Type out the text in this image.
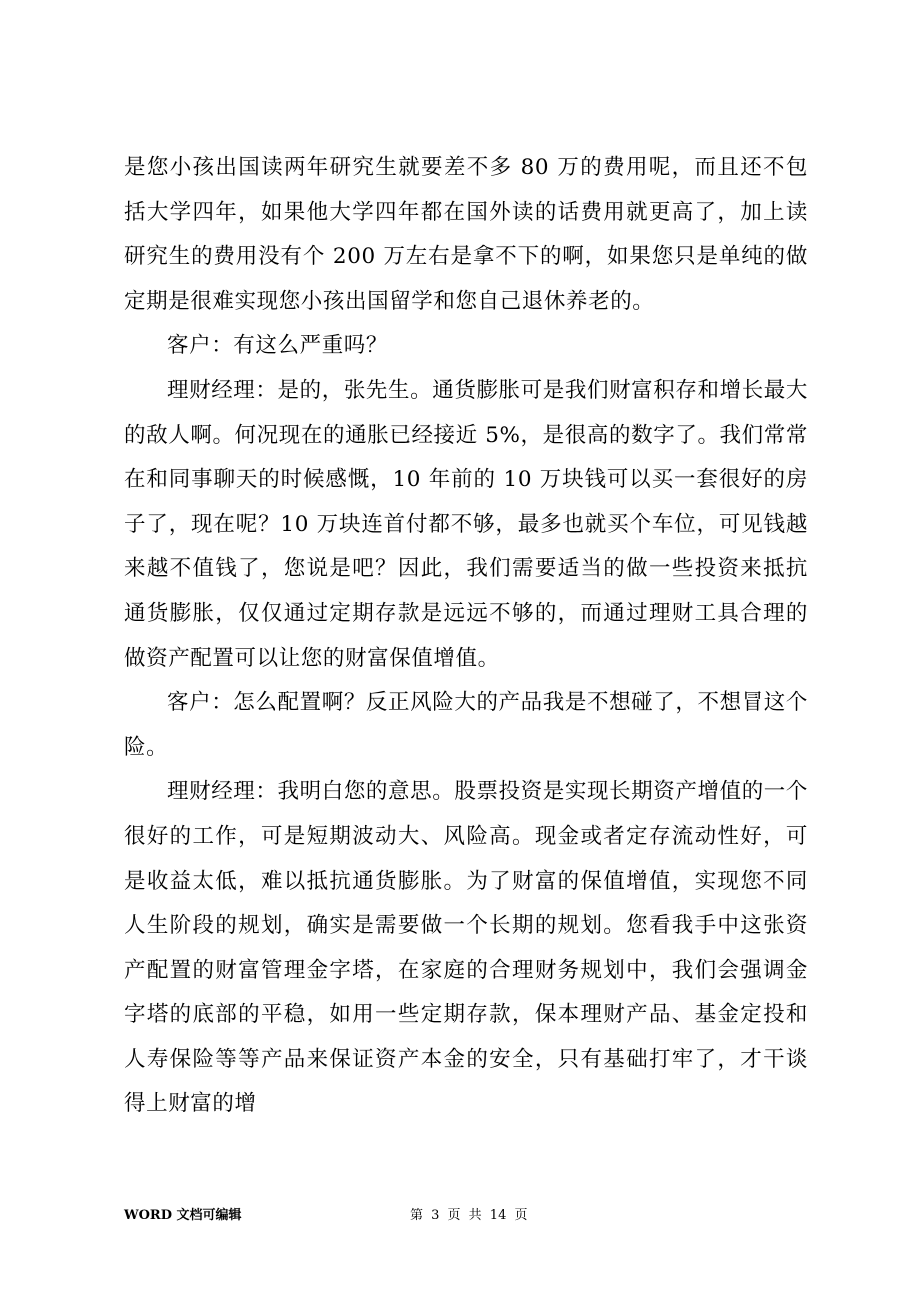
是您小孩出国读两年研究生就要差不多 80 万的费用呢，而且还不包括大学四年，如果他大学四年都在国外读的话费用就更高了，加上读研究生的费用没有个 200 万左右是拿不下的啊，如果您只是单纯的做定期是很难实现您小孩出国留学和您自己退休养老的。

客户：有这么严重吗？

理财经理：是的，张先生。通货膨胀可是我们财富积存和增长最大的敌人啊。何况现在的通胀已经接近 5%，是很高的数字了。我们常常在和同事聊天的时候感慨，10 年前的 10 万块钱可以买一套很好的房子了，现在呢？10 万块连首付都不够，最多也就买个车位，可见钱越来越不值钱了，您说是吧？因此，我们需要适当的做一些投资来抵抗通货膨胀，仅仅通过定期存款是远远不够的，而通过理财工具合理的做资产配置可以让您的财富保值增值。

客户：怎么配置啊？反正风险大的产品我是不想碰了，不想冒这个险。

理财经理：我明白您的意思。股票投资是实现长期资产增值的一个很好的工作，可是短期波动大、风险高。现金或者定存流动性好，可是收益太低，难以抵抗通货膨胀。为了财富的保值增值，实现您不同人生阶段的规划，确实是需要做一个长期的规划。您看我手中这张资产配置的财富管理金字塔，在家庭的合理财务规划中，我们会强调金字塔的底部的平稳，如用一些定期存款，保本理财产品、基金定投和人寿保险等等产品来保证资产本金的安全，只有基础打牢了，才干谈得上财富的增

WORD 文档可编辑	第 3 页 共 14 页
